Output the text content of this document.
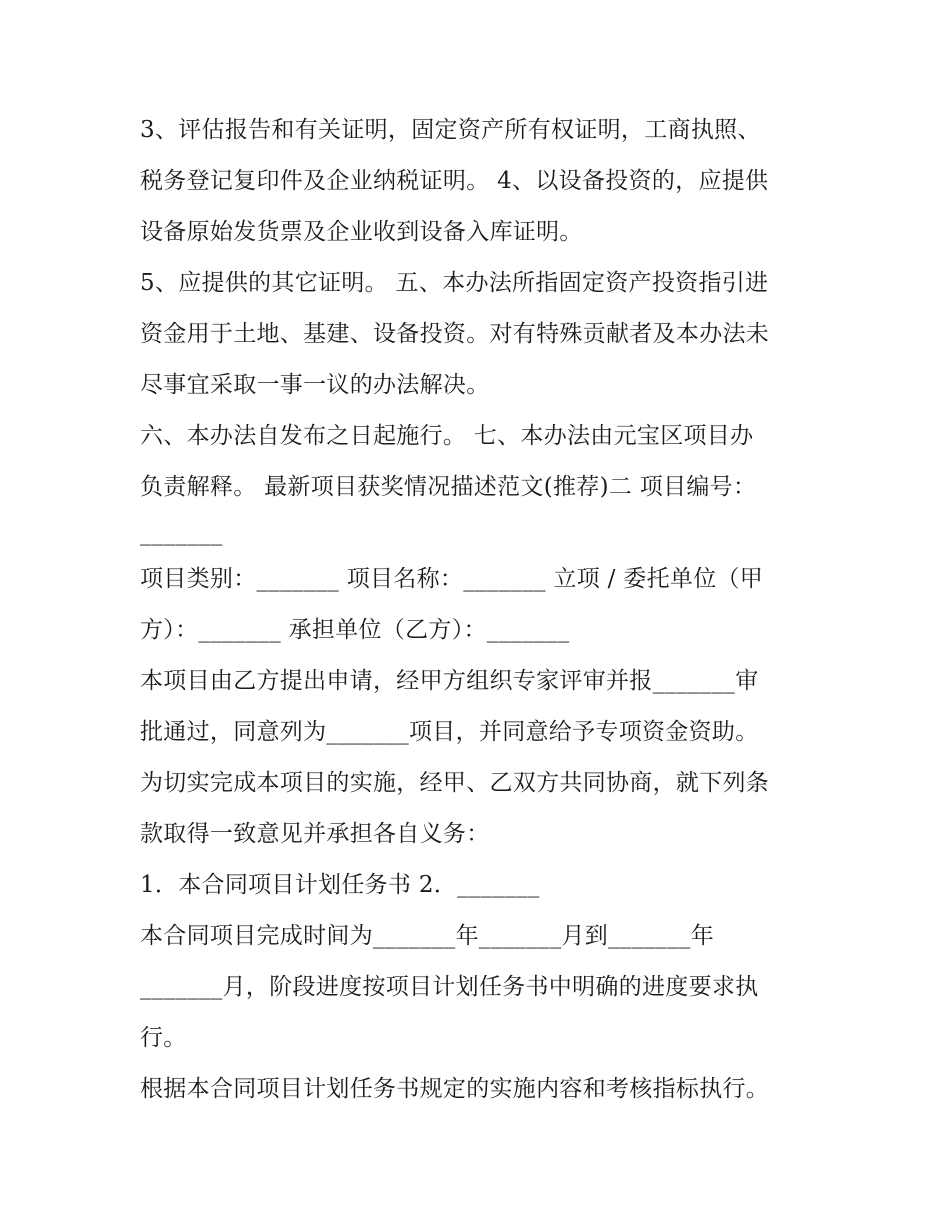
3、评估报告和有关证明，固定资产所有权证明，工商执照、

税务登记复印件及企业纳税证明。 4、以设备投资的，应提供

设备原始发货票及企业收到设备入库证明。

5、应提供的其它证明。 五、本办法所指固定资产投资指引进

资金用于土地、基建、设备投资。对有特殊贡献者及本办法未

尽事宜采取一事一议的办法解决。

六、本办法自发布之日起施行。 七、本办法由元宝区项目办

负责解释。 最新项目获奖情况描述范文(推荐)二 项目编号：

_______

项目类别：_______ 项目名称：_______ 立项 / 委托单位（甲

方）：_______ 承担单位（乙方）：_______

本项目由乙方提出申请，经甲方组织专家评审并报_______审

批通过，同意列为_______项目，并同意给予专项资金资助。

为切实完成本项目的实施，经甲、乙双方共同协商，就下列条

款取得一致意见并承担各自义务：

1．本合同项目计划任务书 2．_______

本合同项目完成时间为_______年_______月到_______年

_______月，阶段进度按项目计划任务书中明确的进度要求执

行。

根据本合同项目计划任务书规定的实施内容和考核指标执行。
